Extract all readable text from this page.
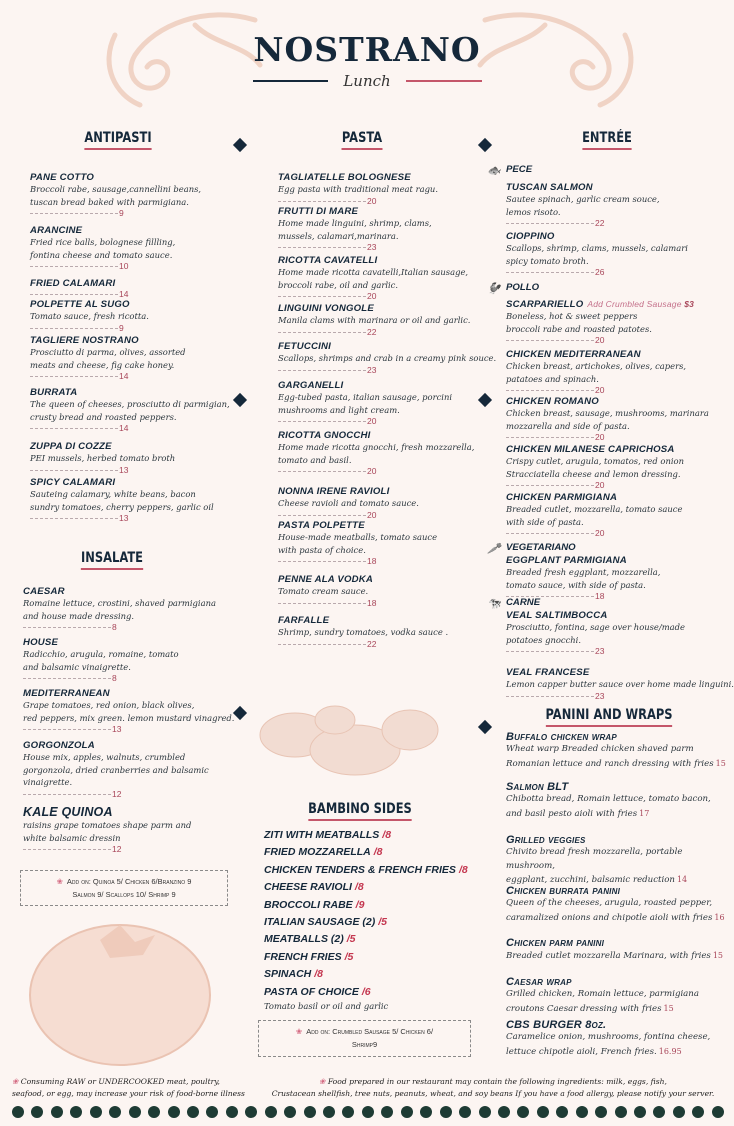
NOSTRANO
Lunch
ANTIPASTI	PASTA	ENTRÉE
INSALATE
BAMBINO SIDES
PANINI AND WRAPS
PANE COTTO
Broccoli rabe, sausage,cannellini beans,
tuscan bread baked with parmigiana.
9
ARANCINE
Fried rice balls, bolognese fillling,
fontina cheese and tomato sauce.
10
FRIED CALAMARI
14
POLPETTE AL SUGO
Tomato sauce, fresh ricotta.
9
TAGLIERE NOSTRANO
Prosciutto di parma, olives, assorted
meats and cheese, fig cake honey.
14
BURRATA
The queen of cheeses, prosciutto di parmigian,
crusty bread and roasted peppers.
14
ZUPPA DI COZZE
PEI mussels, herbed tomato broth
13
SPICY CALAMARI
Sauteing calamary, white beans, bacon
sundry tomatoes, cherry peppers, garlic oil
13
TAGLIATELLE BOLOGNESE
Egg pasta with traditional meat ragu.
20
FRUTTI DI MARE
Home made linguini, shrimp, clams,
mussels, calamari,marinara.
23
RICOTTA CAVATELLI
Home made ricotta cavatelli,Italian sausage,
broccoli rabe, oil and garlic.
20
LINGUINI VONGOLE
Manila clams with marinara or oil and garlic.
22
FETUCCINI
Scallops, shrimps and crab in a creamy pink souce.
23
GARGANELLI
Egg-tubed pasta, italian sausage, porcini
mushrooms and light cream.
20
RICOTTA GNOCCHI
Home made ricotta gnocchi, fresh mozzarella,
tomato and basil.
20
NONNA IRENE RAVIOLI
Cheese ravioli and tomato sauce.
20
PASTA POLPETTE
House-made meatballs, tomato sauce
with pasta of choice.
18
PENNE ALA VODKA
Tomato cream sauce.
18
FARFALLE
Shrimp, sundry tomatoes, vodka sauce .
22
CAESAR
Romaine lettuce, crostini, shaved parmigiana
and house made dressing.
8
HOUSE
Radicchio, arugula, romaine, tomato
and balsamic vinaigrette.
8
MEDITERRANEAN
Grape tomatoes, red onion, black olives,
red peppers, mix green. lemon mustard vinagred.
13
GORGONZOLA
House mix, apples, walnuts, crumbled
gorgonzola, dried cranberries and balsamic
vinaigrette.
12
KALE QUINOA
raisins grape tomatoes shape parm and
white balsamic dressin
12
🐟 PECE
TUSCAN SALMON
Sautee spinach, garlic cream souce,
lemos risoto.
22
CIOPPINO
Scallops, shrimp, clams, mussels, calamari
spicy tomato broth.
26
🐓 POLLO
SCARPARIELLO Add Crumbled Sausage $3
Boneless, hot & sweet peppers
broccoli rabe and roasted patotes.
20
CHICKEN MEDITERRANEAN
Chicken breast, artichokes, olives, capers,
patatoes and spinach.
20
CHICKEN ROMANO
Chicken breast, sausage, mushrooms, marinara
mozzarella and side of pasta.
20
CHICKEN MILANESE CAPRICHOSA
Crispy cutlet, arugula, tomatos, red onion
Stracciatella cheese and lemon dressing.
20
CHICKEN PARMIGIANA
Breaded cutlet, mozzarella, tomato sauce
with side of pasta.
20
🥕 VEGETARIANO
EGGPLANT PARMIGIANA
Breaded fresh eggplant, mozzarella,
tomato sauce, with side of pasta.
18
🐄 CARNE
VEAL SALTIMBOCCA
Prosciutto, fontina, sage over house/made
potatoes gnocchi.
23
VEAL FRANCESE
Lemon capper butter sauce over home made linguini.
23
Buffalo chicken wrap
Wheat warp Breaded chicken shaved parm
Romanian lettuce and ranch dressing with fries 15
Salmon BLT
Chibotta bread, Romain lettuce, tomato bacon,
and basil pesto aioli with fries 17
Grilled veggies
Chivito bread fresh mozzarella, portable mushroom,
eggplant, zucchini, balsamic reduction 14
Chicken burrata panini
Queen of the cheeses, arugula, roasted pepper,
caramalized onions and chipotle aioli with fries 16
Chicken parm panini
Breaded cutlet mozzarella Marinara, with fries 15
Caesar wrap
Grilled chicken, Romain lettuce, parmigiana
croutons Caesar dressing with fries 15
CBS BURGER 8oz.
Caramelice onion, mushrooms, fontina cheese,
lettuce chipotle aioli, French fries. 16.95
ZITI WITH MEATBALLS /8
FRIED MOZZARELLA /8
CHICKEN TENDERS & FRENCH FRIES /8
CHEESE RAVIOLI /8
BROCCOLI RABE /9
ITALIAN SAUSAGE (2) /5
MEATBALLS (2) /5
FRENCH FRIES /5
SPINACH /8
PASTA OF CHOICE /6
Tomato basil or oil and garlic
❀ Add on: Quinoa 5/ Chicken 6/Branzino 9
Salmon 9/ Scallops 10/ Shrimp 9
❀ Add on: Crumbled Sausage 5/ Chicken 6/
Shrimp9
❀ Consuming RAW or UNDERCOOKED meat, poultry,
seafood, or egg, may increase your risk of food-borne illness
❀ Food prepared in our restaurant may contain the following ingredients: milk, eggs, fish,
Crustacean shellfish, tree nuts, peanuts, wheat, and soy beans If you have a food allergy, please notify your server.
